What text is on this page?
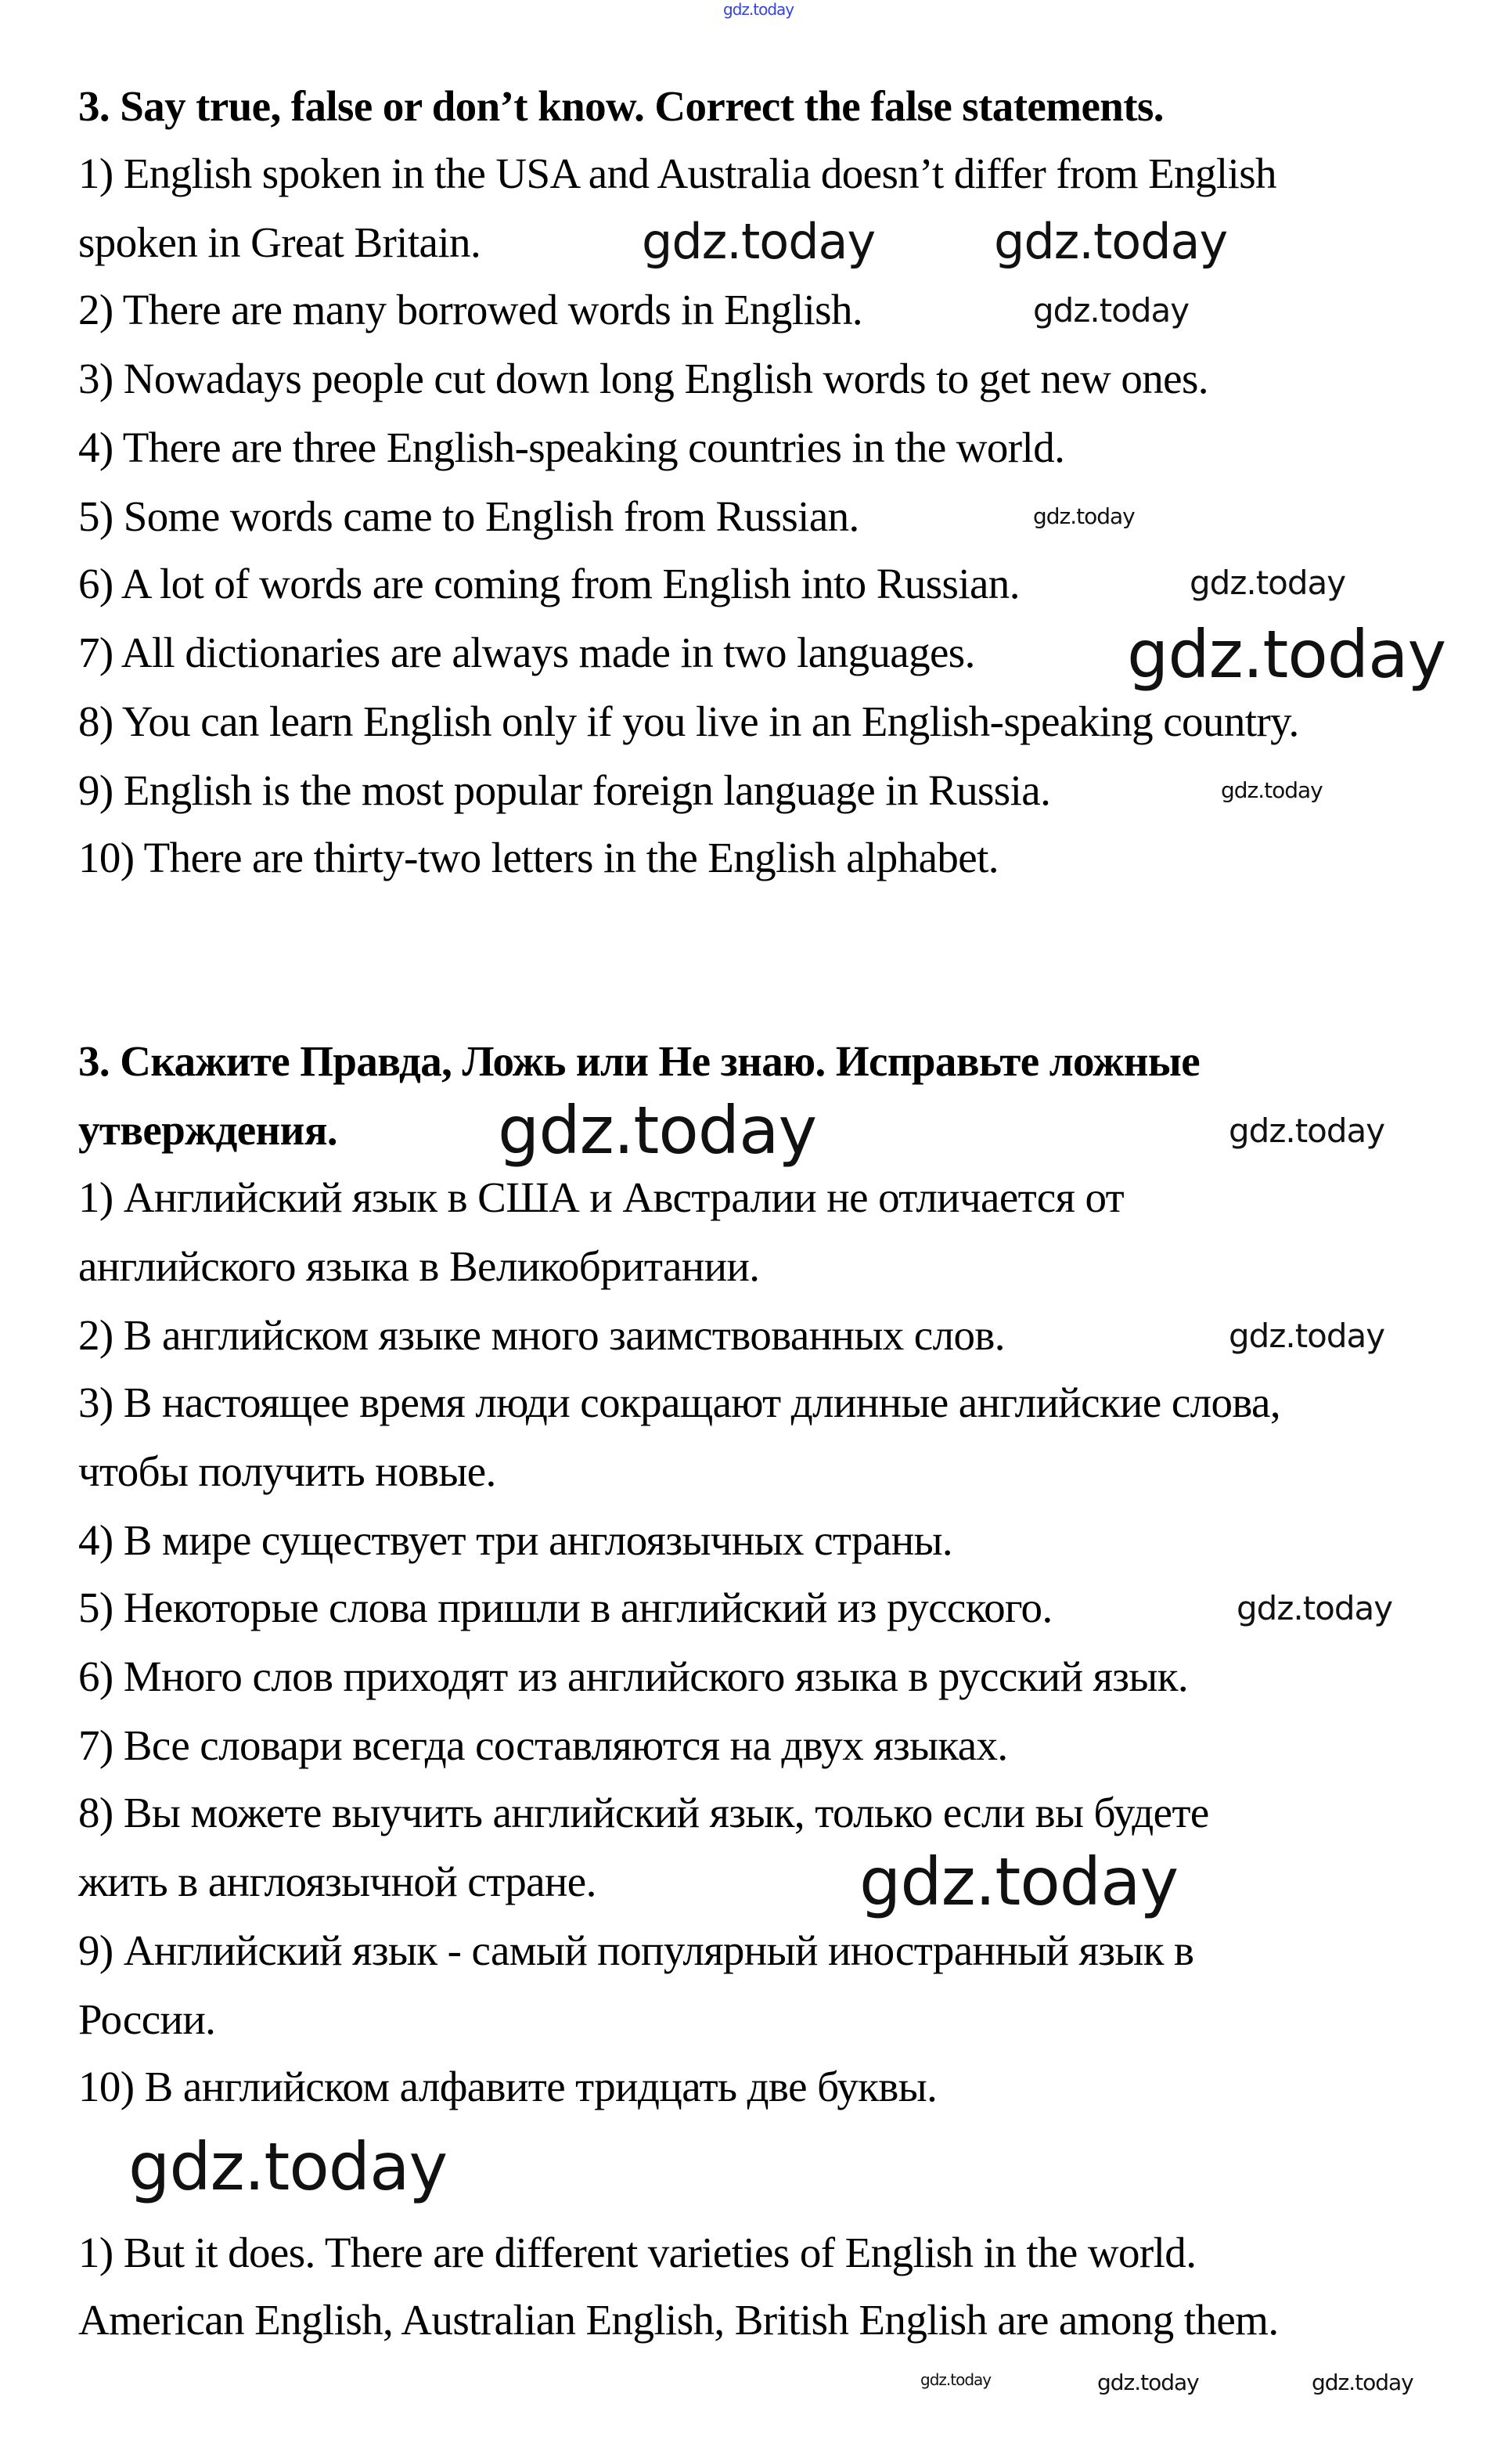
3. Say true, false or don’t know. Correct the false statements.
1) English spoken in the USA and Australia doesn’t differ from English
spoken in Great Britain.
2) There are many borrowed words in English.
3) Nowadays people cut down long English words to get new ones.
4) There are three English-speaking countries in the world.
5) Some words came to English from Russian.
6) A lot of words are coming from English into Russian.
7) All dictionaries are always made in two languages.
8) You can learn English only if you live in an English-speaking country.
9) English is the most popular foreign language in Russia.
10) There are thirty-two letters in the English alphabet.
3. Скажите Правда, Ложь или Не знаю. Исправьте ложные
утверждения.
1) Английский язык в США и Австралии не отличается от
английского языка в Великобритании.
2) В английском языке много заимствованных слов.
3) В настоящее время люди сокращают длинные английские слова,
чтобы получить новые.
4) В мире существует три англоязычных страны.
5) Некоторые слова пришли в английский из русского.
6) Много слов приходят из английского языка в русский язык.
7) Все словари всегда составляются на двух языках.
8) Вы можете выучить английский язык, только если вы будете
жить в англоязычной стране.
9) Английский язык - самый популярный иностранный язык в
России.
10) В английском алфавите тридцать две буквы.
1) But it does. There are different varieties of English in the world.
American English, Australian English, British English are among them.
gdz.today
gdz.today gdz.today
gdz.today
gdz.today
gdz.today
gdz.today
gdz.today
gdz.today
gdz.today
gdz.today
gdz.today
gdz.today
gdz.today
gdz.today	gdz.today	gdz.today
